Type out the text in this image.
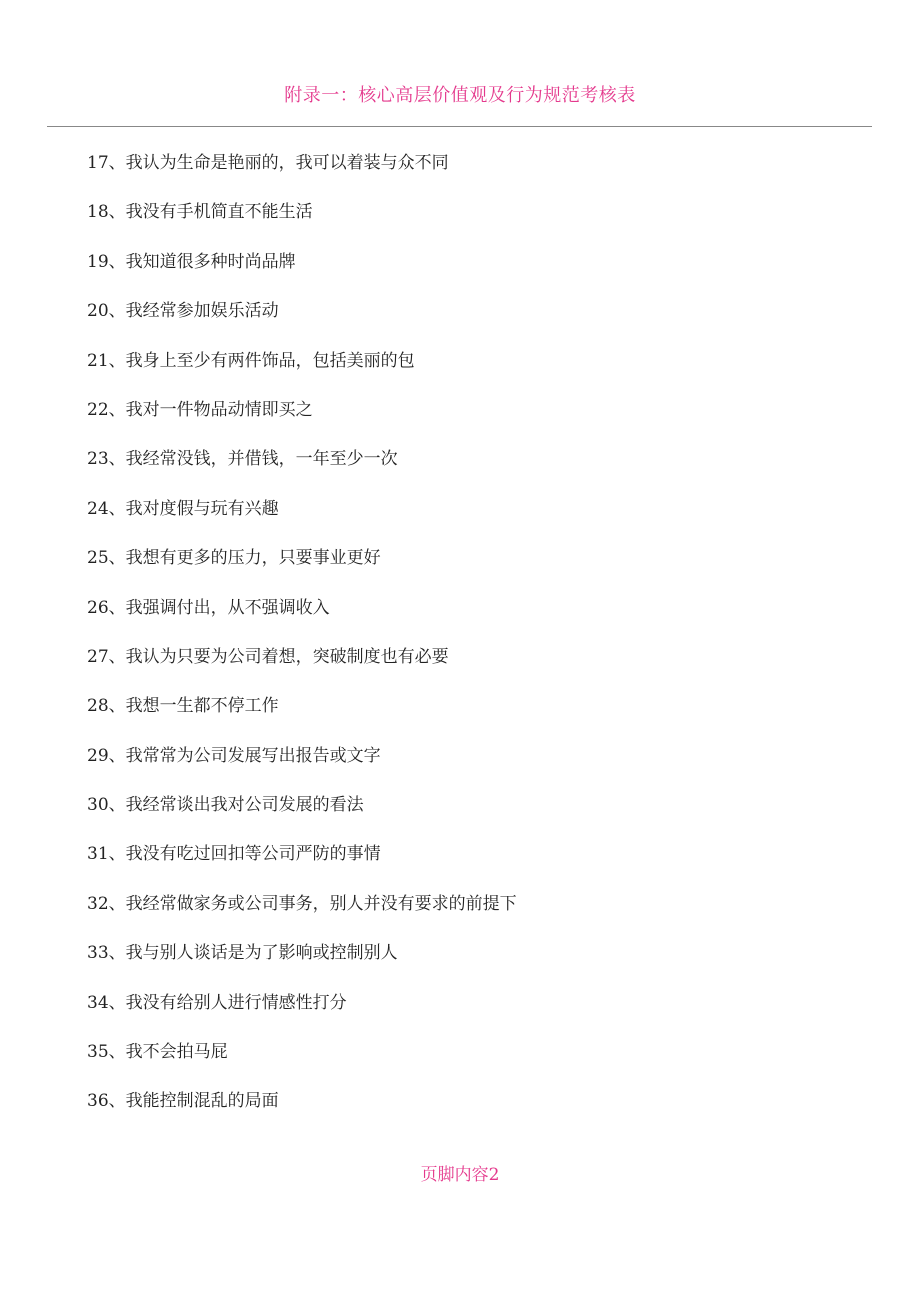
附录一：核心高层价值观及行为规范考核表
17、我认为生命是艳丽的，我可以着装与众不同
18、我没有手机简直不能生活
19、我知道很多种时尚品牌
20、我经常参加娱乐活动
21、我身上至少有两件饰品，包括美丽的包
22、我对一件物品动情即买之
23、我经常没钱，并借钱，一年至少一次
24、我对度假与玩有兴趣
25、我想有更多的压力，只要事业更好
26、我强调付出，从不强调收入
27、我认为只要为公司着想，突破制度也有必要
28、我想一生都不停工作
29、我常常为公司发展写出报告或文字
30、我经常谈出我对公司发展的看法
31、我没有吃过回扣等公司严防的事情
32、我经常做家务或公司事务，别人并没有要求的前提下
33、我与别人谈话是为了影响或控制别人
34、我没有给别人进行情感性打分
35、我不会拍马屁
36、我能控制混乱的局面
页脚内容2
